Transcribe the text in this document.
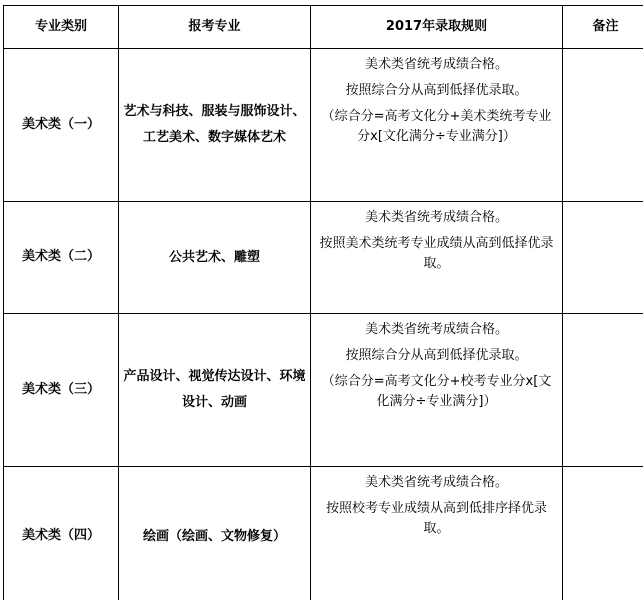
专业类别	报考专业	2017年录取规则	备注
美术类（一）	艺术与科技、服装与服饰设计、工艺美术、数字媒体艺术	美术类省统考成绩合格。
按照综合分从高到低择优录取。
（综合分=高考文化分+美术类统考专业分x[文化满分÷专业满分]）	

美术类（二）	公共艺术、雕塑	美术类省统考成绩合格。
按照美术类统考专业成绩从高到低择优录取。	

美术类（三）	产品设计、视觉传达设计、环境设计、动画	美术类省统考成绩合格。
按照综合分从高到低择优录取。
（综合分=高考文化分+校考专业分x[文化满分÷专业满分]）	

美术类（四）	绘画（绘画、文物修复）	美术类省统考成绩合格。
按照校考专业成绩从高到低排序择优录取。	
